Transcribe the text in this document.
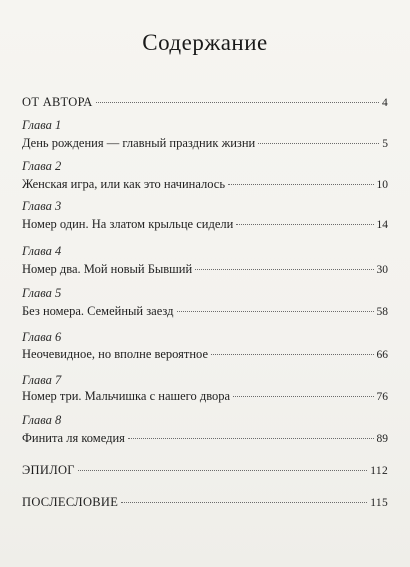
Содержание
ОТ АВТОРА	4
Глава 1
День рождения — главный праздник жизни	5
Глава 2
Женская игра, или как это начиналось	10
Глава 3
Номер один. На златом крыльце сидели	14
Глава 4
Номер два. Мой новый Бывший	30
Глава 5
Без номера. Семейный заезд	58
Глава 6
Неочевидное, но вполне вероятное	66
Глава 7
Номер три. Мальчишка с нашего двора	76
Глава 8
Финита ля комедия	89
ЭПИЛОГ	112
ПОСЛЕСЛОВИЕ	115
